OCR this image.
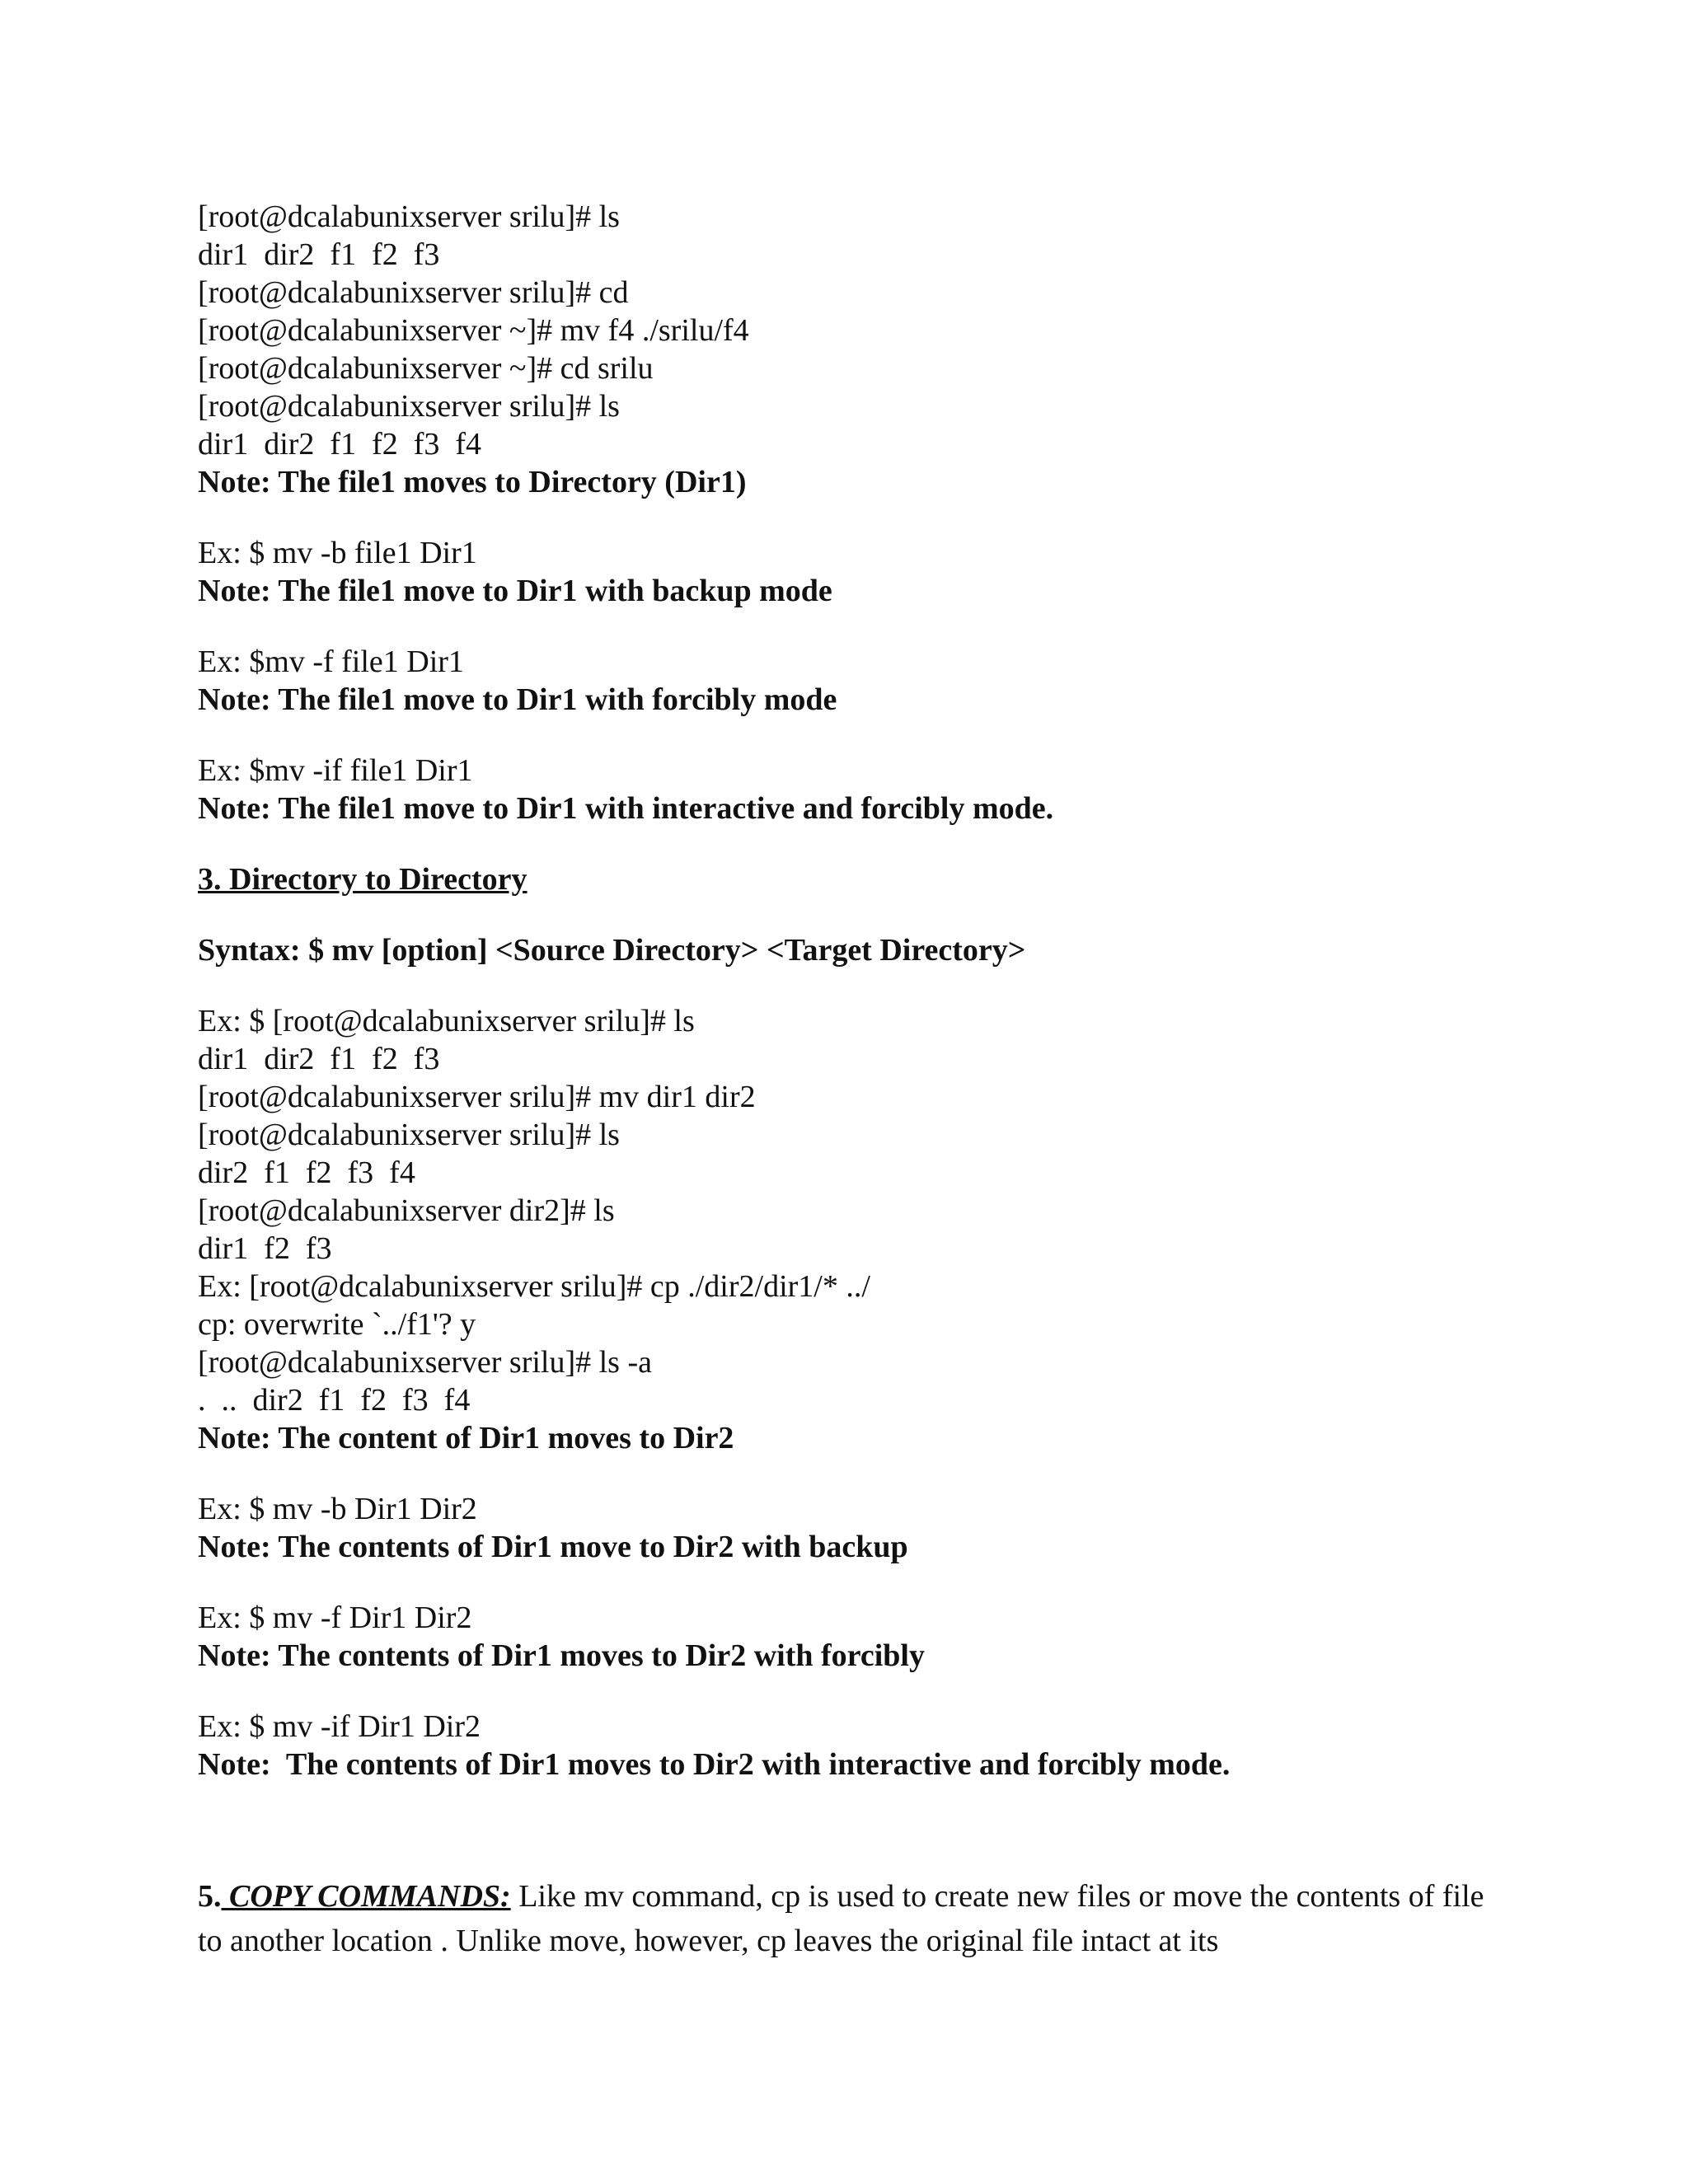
[root@dcalabunixserver srilu]# ls
dir1  dir2  f1  f2  f3
[root@dcalabunixserver srilu]# cd
[root@dcalabunixserver ~]# mv f4 ./srilu/f4
[root@dcalabunixserver ~]# cd srilu
[root@dcalabunixserver srilu]# ls
dir1  dir2  f1  f2  f3  f4
Note: The file1 moves to Directory (Dir1)
Ex: $ mv -b file1 Dir1
Note: The file1 move to Dir1 with backup mode
Ex: $mv -f file1 Dir1
Note: The file1 move to Dir1 with forcibly mode
Ex: $mv -if file1 Dir1
Note: The file1 move to Dir1 with interactive and forcibly mode.
3. Directory to Directory
Syntax: $ mv [option] <Source Directory> <Target Directory>
Ex: $ [root@dcalabunixserver srilu]# ls
dir1  dir2  f1  f2  f3
[root@dcalabunixserver srilu]# mv dir1 dir2
[root@dcalabunixserver srilu]# ls
dir2  f1  f2  f3  f4
[root@dcalabunixserver dir2]# ls
dir1  f2  f3
Ex: [root@dcalabunixserver srilu]# cp ./dir2/dir1/* ../
cp: overwrite `../f1'? y
[root@dcalabunixserver srilu]# ls -a
.  ..  dir2  f1  f2  f3  f4
Note: The content of Dir1 moves to Dir2
Ex: $ mv -b Dir1 Dir2
Note: The contents of Dir1 move to Dir2 with backup
Ex: $ mv -f Dir1 Dir2
Note: The contents of Dir1 moves to Dir2 with forcibly
Ex: $ mv -if Dir1 Dir2
Note:  The contents of Dir1 moves to Dir2 with interactive and forcibly mode.
5. COPY COMMANDS: Like mv command, cp is used to create new files or move the contents of file to another location . Unlike move, however, cp leaves the original file intact at its
